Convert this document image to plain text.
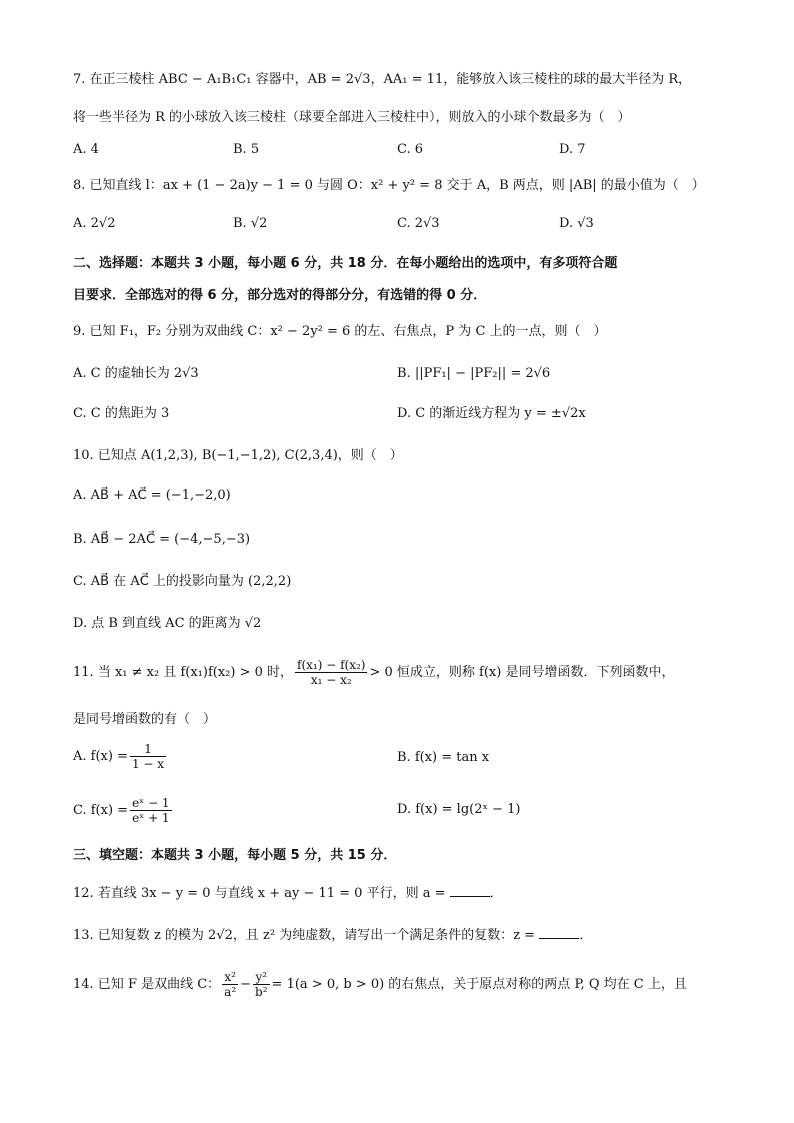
7. 在正三棱柱 ABC − A₁B₁C₁ 容器中，AB = 2√3，AA₁ = 11，能够放入该三棱柱的球的最大半径为 R，
将一些半径为 R 的小球放入该三棱柱（球要全部进入三棱柱中），则放入的小球个数最多为（　）
A. 4	B. 5	C. 6	D. 7
8. 已知直线 l：ax + (1 − 2a)y − 1 = 0 与圆 O：x² + y² = 8 交于 A，B 两点，则 |AB| 的最小值为（　）
A. 2√2	B. √2	C. 2√3	D. √3
二、选择题：本题共 3 小题，每小题 6 分，共 18 分．在每小题给出的选项中，有多项符合题
目要求．全部选对的得 6 分，部分选对的得部分分，有选错的得 0 分．
9. 已知 F₁，F₂ 分别为双曲线 C：x² − 2y² = 6 的左、右焦点，P 为 C 上的一点，则（　）
A. C 的虚轴长为 2√3	B. ||PF₁| − |PF₂|| = 2√6
C. C 的焦距为 3	D. C 的渐近线方程为 y = ±√2x
10. 已知点 A(1,2,3), B(−1,−1,2), C(2,3,4)，则（　）
A. AB⃗ + AC⃗ = (−1,−2,0)
B. AB⃗ − 2AC⃗ = (−4,−5,−3)
C. AB⃗ 在 AC⃗ 上的投影向量为 (2,2,2)
D. 点 B 到直线 AC 的距离为 √2
11. 当 x₁ ≠ x₂ 且 f(x₁)f(x₂) > 0 时， $\frac{\text{f(x₁) − f(x₂)}}{\text{x₁ − x₂}} > 0$ 恒成立，则称 f(x) 是同号增函数．下列函数中，
是同号增函数的有（　）
A. $f(x) = \frac{1}{1 - x}$	B. f(x) = tan x
C. $f(x) = \frac{\text{eˣ − 1}}{\text{eˣ + 1}}$	D. f(x) = lg(2ˣ − 1)
三、填空题：本题共 3 小题，每小题 5 分，共 15 分．
12. 若直线 3x − y = 0 与直线 x + ay − 11 = 0 平行，则 a =	．
13. 已知复数 z 的模为 2√2，且 z² 为纯虚数，请写出一个满足条件的复数：z =	．
14. 已知 F 是双曲线 C： $\frac{\text{x²}}{\text{a²}} - \frac{\text{y²}}{\text{b²}} = 1(a > 0$, b > 0) 的右焦点，关于原点对称的两点 P, Q 均在 C 上，且
